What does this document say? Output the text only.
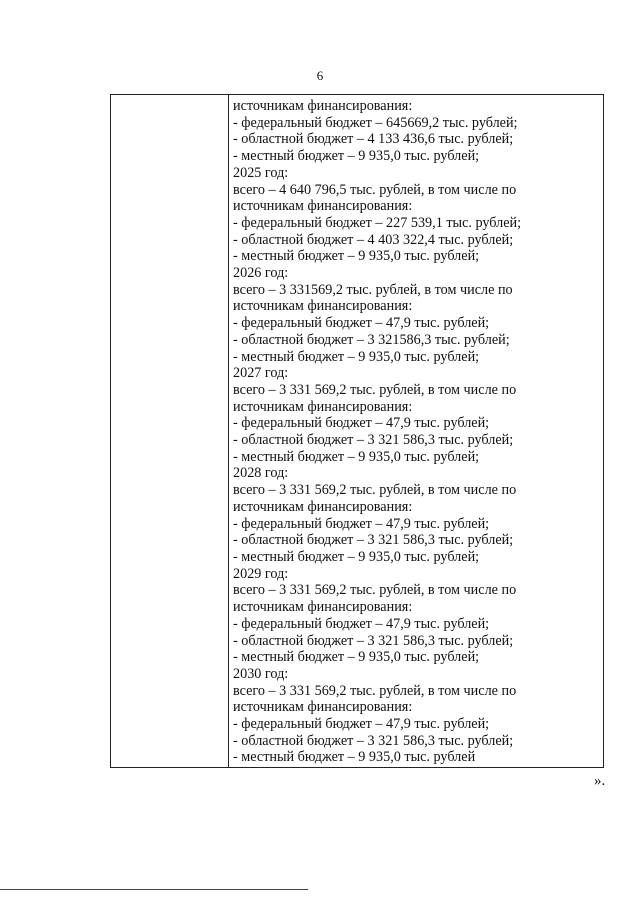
6
источникам финансирования:
- федеральный бюджет – 645669,2 тыс. рублей;
- областной бюджет – 4 133 436,6 тыс. рублей;
- местный бюджет – 9 935,0 тыс. рублей;
2025 год:
всего – 4 640 796,5 тыс. рублей, в том числе по
источникам финансирования:
- федеральный бюджет – 227 539,1 тыс. рублей;
- областной бюджет – 4 403 322,4 тыс. рублей;
- местный бюджет – 9 935,0 тыс. рублей;
2026 год:
всего – 3 331569,2 тыс. рублей, в том числе по
источникам финансирования:
- федеральный бюджет – 47,9 тыс. рублей;
- областной бюджет – 3 321586,3 тыс. рублей;
- местный бюджет – 9 935,0 тыс. рублей;
2027 год:
всего – 3 331 569,2 тыс. рублей, в том числе по
источникам финансирования:
- федеральный бюджет – 47,9 тыс. рублей;
- областной бюджет – 3 321 586,3 тыс. рублей;
- местный бюджет – 9 935,0 тыс. рублей;
2028 год:
всего – 3 331 569,2 тыс. рублей, в том числе по
источникам финансирования:
- федеральный бюджет – 47,9 тыс. рублей;
- областной бюджет – 3 321 586,3 тыс. рублей;
- местный бюджет – 9 935,0 тыс. рублей;
2029 год:
всего – 3 331 569,2 тыс. рублей, в том числе по
источникам финансирования:
- федеральный бюджет – 47,9 тыс. рублей;
- областной бюджет – 3 321 586,3 тыс. рублей;
- местный бюджет – 9 935,0 тыс. рублей;
2030 год:
всего – 3 331 569,2 тыс. рублей, в том числе по
источникам финансирования:
- федеральный бюджет – 47,9 тыс. рублей;
- областной бюджет – 3 321 586,3 тыс. рублей;
- местный бюджет – 9 935,0 тыс. рублей
».
